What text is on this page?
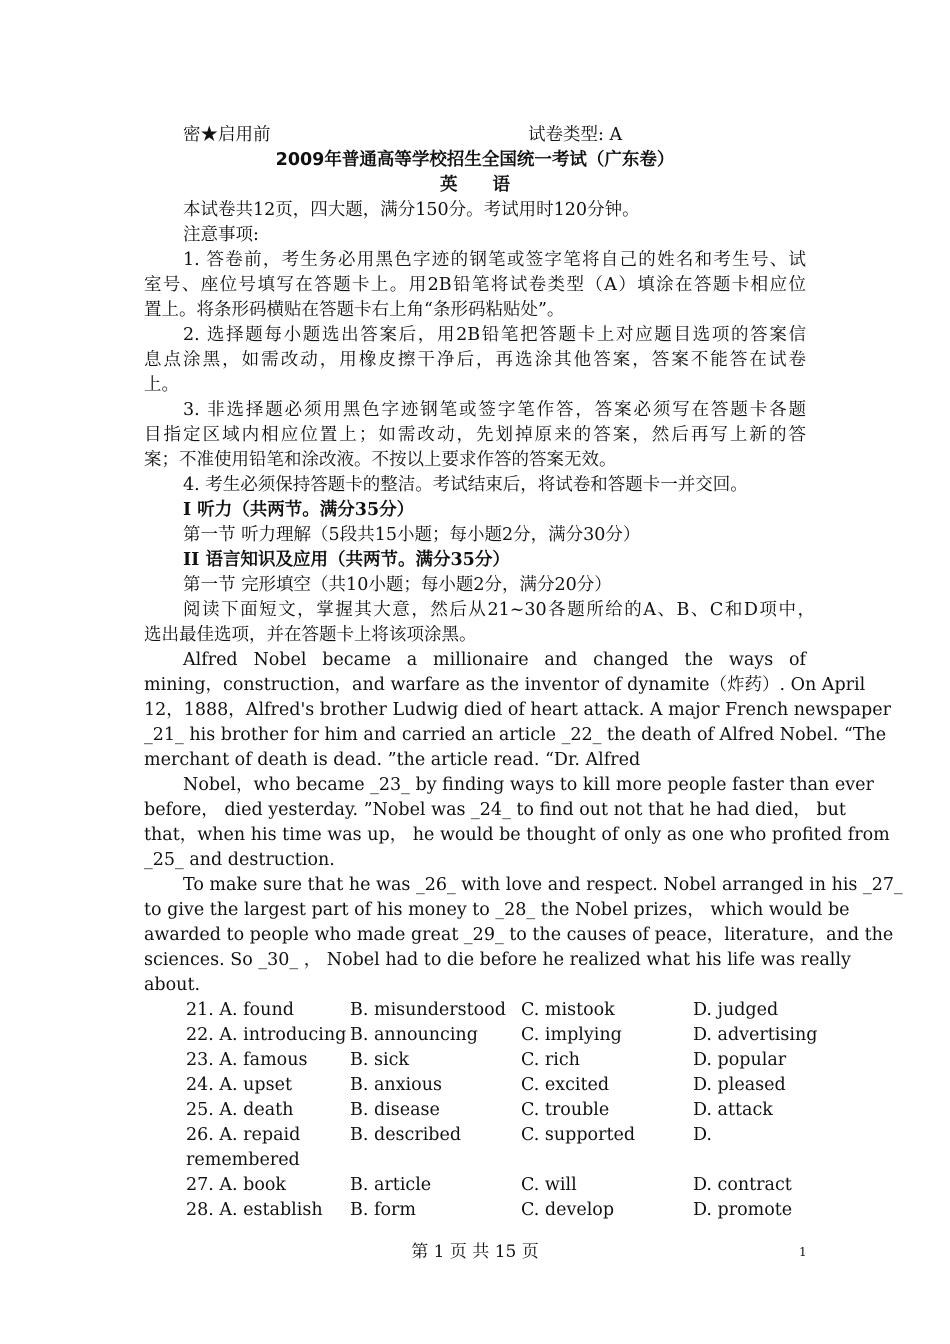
密★启用前	试卷类型: A
2009年普通高等学校招生全国统一考试（广东卷）
英　　语
本试卷共12页，四大题，满分150分。考试用时120分钟。
注意事项:
1. 答卷前，考生务必用黑色字迹的钢笔或签字笔将自己的姓名和考生号、试
室号、座位号填写在答题卡上。用2B铅笔将试卷类型（A）填涂在答题卡相应位
置上。将条形码横贴在答题卡右上角“条形码粘贴处”。
2. 选择题每小题选出答案后，用2B铅笔把答题卡上对应题目选项的答案信
息点涂黑，如需改动，用橡皮擦干净后，再选涂其他答案，答案不能答在试卷
上。
3. 非选择题必须用黑色字迹钢笔或签字笔作答，答案必须写在答题卡各题
目指定区域内相应位置上；如需改动，先划掉原来的答案，然后再写上新的答
案；不准使用铅笔和涂改液。不按以上要求作答的答案无效。
4. 考生必须保持答题卡的整洁。考试结束后，将试卷和答题卡一并交回。
I 听力（共两节。满分35分）
第一节 听力理解（5段共15小题；每小题2分，满分30分）
II 语言知识及应用（共两节。满分35分）
第一节 完形填空（共10小题；每小题2分，满分20分）
阅读下面短文，掌握其大意，然后从21~30各题所给的A、B、C和D项中，
选出最佳选项，并在答题卡上将该项涂黑。
Alfred Nobel became a millionaire and changed the ways of
mining，construction，and warfare as the inventor of dynamite（炸药）. On April
12，1888，Alfred's brother Ludwig died of heart attack. A major French newspaper
_21_ his brother for him and carried an article _22_ the death of Alfred Nobel. “The
merchant of death is dead. ”the article read. “Dr. Alfred
Nobel，who became _23_ by finding ways to kill more people faster than ever
before， died yesterday. ”Nobel was _24_ to find out not that he had died， but
that，when his time was up， he would be thought of only as one who profited from
_25_ and destruction.
To make sure that he was _26_ with love and respect. Nobel arranged in his _27_
to give the largest part of his money to _28_ the Nobel prizes， which would be
awarded to people who made great _29_ to the causes of peace，literature，and the
sciences. So _30_ ， Nobel had to die before he realized what his life was really
about.
21. A. found	B. misunderstood C. mistook	D. judged
22. A. introducing B. announcing C. implying	D. advertising
23. A. famous B. sick	C. rich	D. popular
24. A. upset	B. anxious	C. excited	D. pleased
25. A. death	B. disease	C. trouble	D. attack
26. A. repaid	B. described	C. supported	D.
remembered
27. A. book	B. article	C. will	D. contract
28. A. establish B. form	C. develop	D. promote
第 1 页 共 15 页	1
